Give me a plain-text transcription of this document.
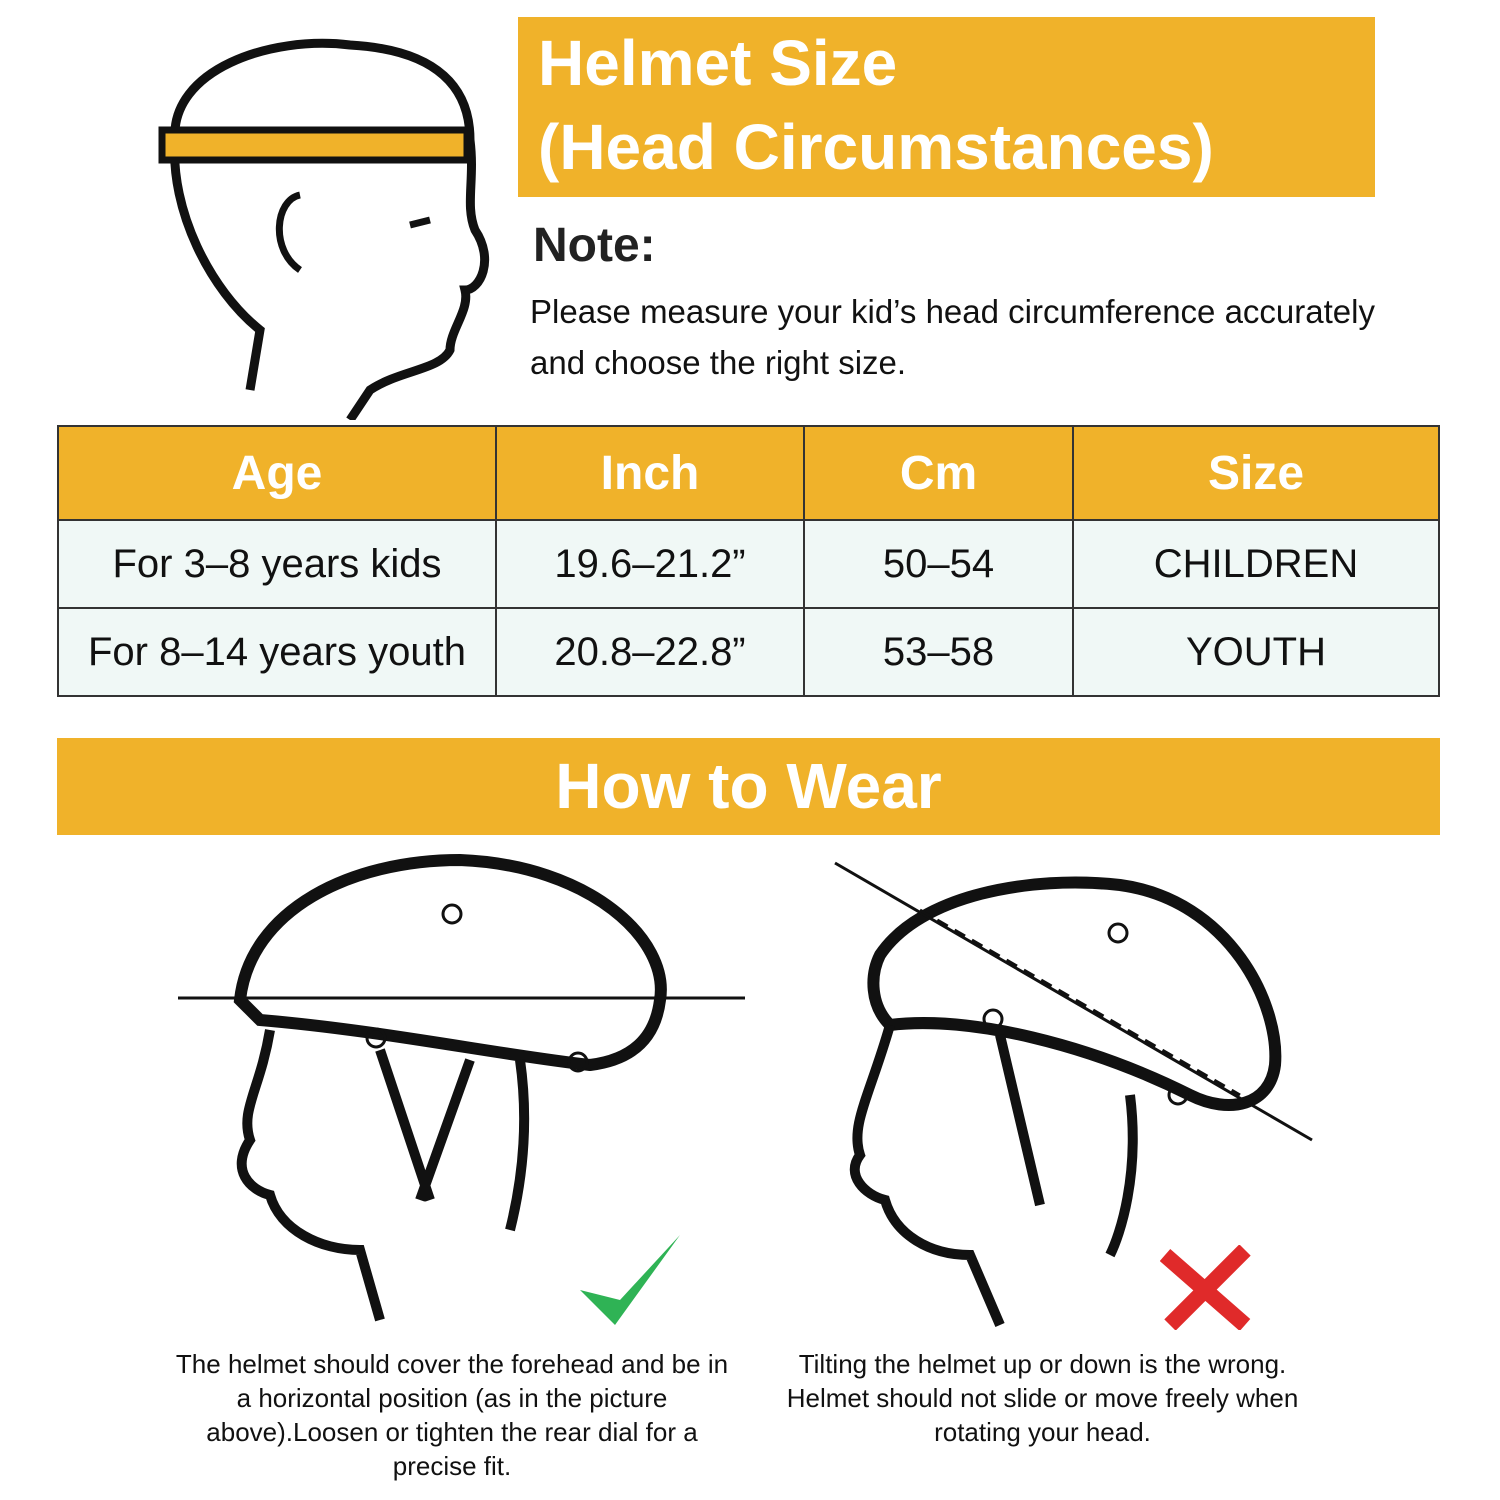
Helmet Size
(Head Circumstances)
Note:
Please measure your kid’s head circumference accurately and choose the right size.
Age	Inch	Cm	Size
For 3–8 years kids	19.6–21.2”	50–54	CHILDREN
For 8–14 years youth	20.8–22.8”	53–58	YOUTH
How to Wear
The helmet should cover the forehead and be in a horizontal position (as in the picture above).Loosen or tighten the rear dial for a precise fit.
Tilting the helmet up or down is the wrong. Helmet should not slide or move freely when rotating your head.
